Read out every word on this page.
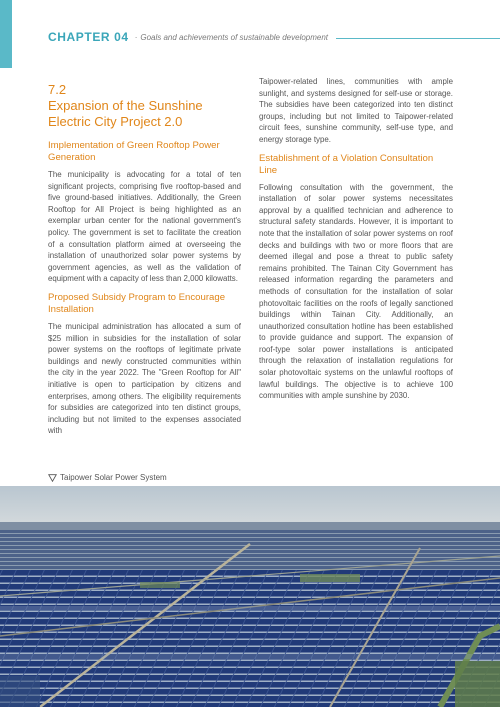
CHAPTER 04 · Goals and achievements of sustainable development
7.2
Expansion of the Sunshine Electric City Project 2.0
Implementation of Green Rooftop Power Generation

The municipality is advocating for a total of ten significant projects, comprising five rooftop-based and five ground-based initiatives. Additionally, the Green Rooftop for All Project is being highlighted as an exemplar urban center for the national government's policy. The government is set to facilitate the creation of a consultation platform aimed at overseeing the installation of unauthorized solar power systems by government agencies, as well as the validation of equipment with a capacity of less than 2,000 kilowatts.

Proposed Subsidy Program to Encourage Installation

The municipal administration has allocated a sum of $25 million in subsidies for the installation of solar power systems on the rooftops of legitimate private buildings and newly constructed communities within the city in the year 2022. The "Green Rooftop for All" initiative is open to participation by citizens and enterprises, among others. The eligibility requirements for subsidies are categorized into ten distinct groups, including but not limited to the expenses associated with

Taipower-related lines, communities with ample sunlight, and systems designed for self-use or storage. The subsidies have been categorized into ten distinct groups, including but not limited to Taipower-related circuit fees, sunshine community, self-use type, and energy storage type.

Establishment of a Violation Consultation Line

Following consultation with the government, the installation of solar power systems necessitates approval by a qualified technician and adherence to structural safety standards. However, it is important to note that the installation of solar power systems on roof decks and buildings with two or more floors that are deemed illegal and pose a threat to public safety remains prohibited. The Tainan City Government has released information regarding the parameters and methods of consultation for the installation of solar photovoltaic facilities on the roofs of legally sanctioned buildings within Tainan City. Additionally, an unauthorized consultation hotline has been established to provide guidance and support. The expansion of roof-type solar power installations is anticipated through the relaxation of installation regulations for solar photovoltaic systems on the unlawful rooftops of lawful buildings. The objective is to achieve 100 communities with ample sunshine by 2030.

Taipower Solar Power System
